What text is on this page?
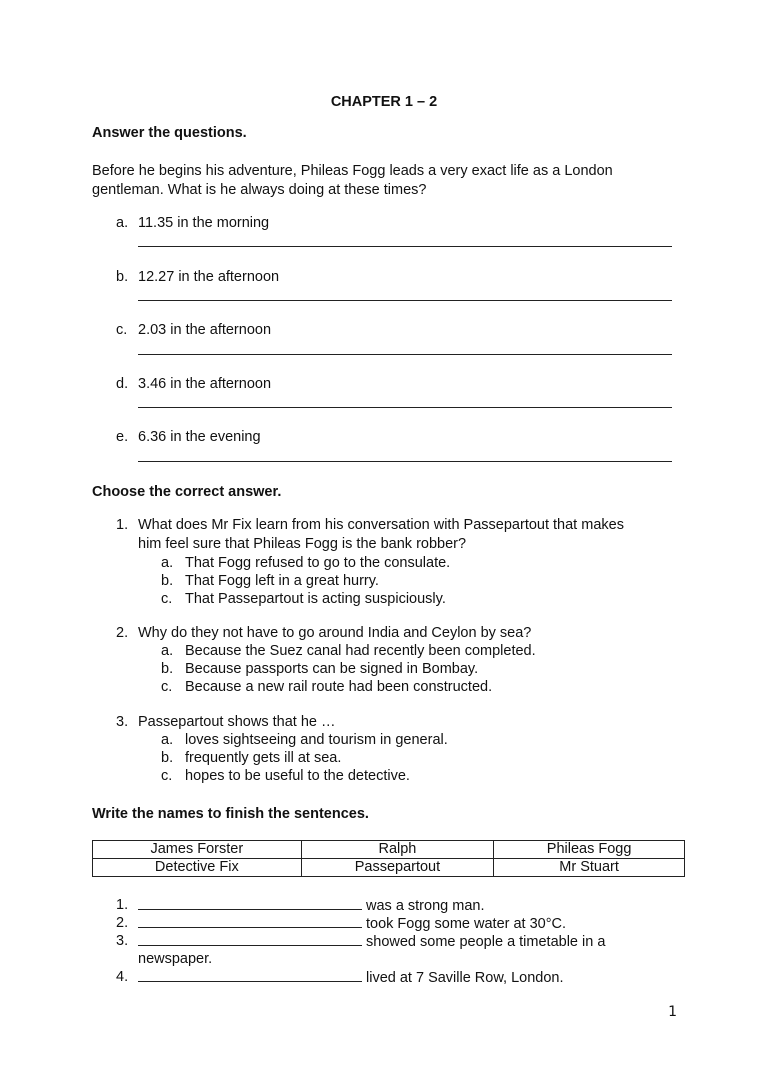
CHAPTER 1 – 2
Answer the questions.
Before he begins his adventure, Phileas Fogg leads a very exact life as a London
gentleman. What is he always doing at these times?
a. 11.35 in the morning
b. 12.27 in the afternoon
c. 2.03 in the afternoon
d. 3.46 in the afternoon
e. 6.36 in the evening
Choose the correct answer.
1. What does Mr Fix learn from his conversation with Passepartout that makes
him feel sure that Phileas Fogg is the bank robber?
a. That Fogg refused to go to the consulate.
b. That Fogg left in a great hurry.
c. That Passepartout is acting suspiciously.
2. Why do they not have to go around India and Ceylon by sea?
a. Because the Suez canal had recently been completed.
b. Because passports can be signed in Bombay.
c. Because a new rail route had been constructed.
3. Passepartout shows that he …
a. loves sightseeing and tourism in general.
b. frequently gets ill at sea.
c. hopes to be useful to the detective.
Write the names to finish the sentences.
James Forster	Ralph	Phileas Fogg
Detective Fix	Passepartout	Mr Stuart
1.	was a strong man.
2.	took Fogg some water at 30°C.
3.	showed some people a timetable in a
newspaper.
4.	lived at 7 Saville Row, London.
1
